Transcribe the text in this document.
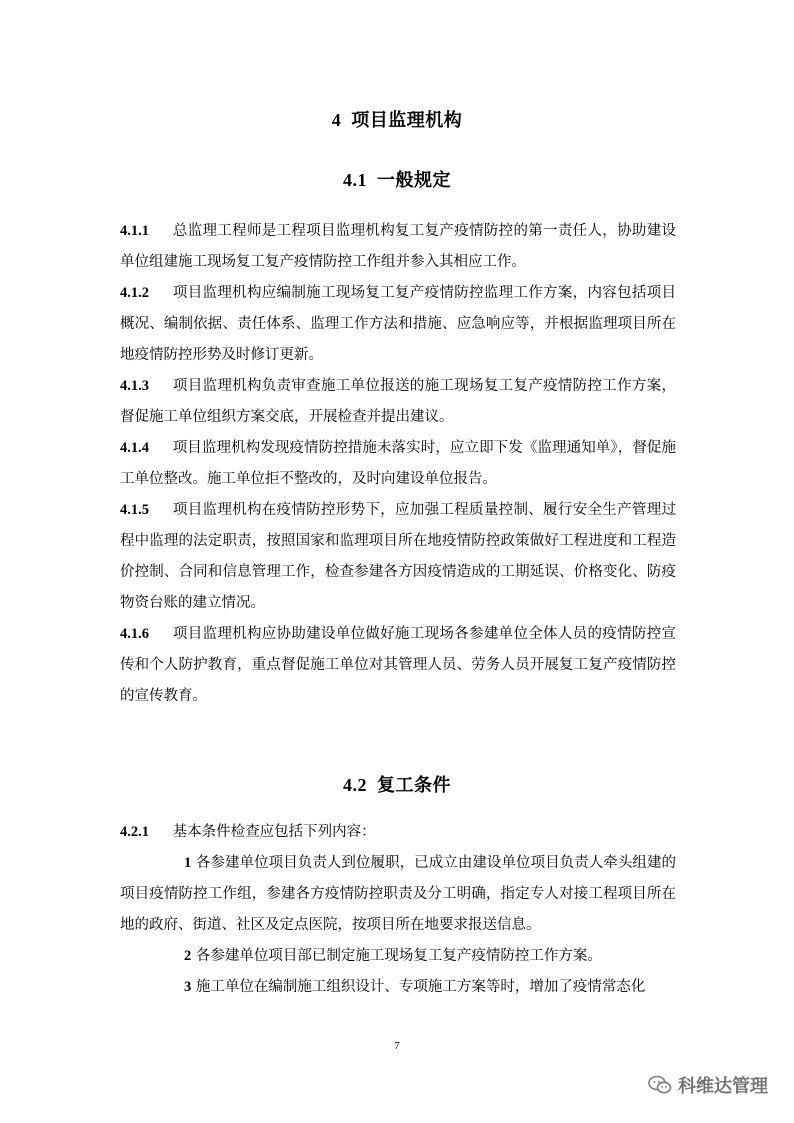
4 项目监理机构
4.1 一般规定

4.1.1 总监理工程师是工程项目监理机构复工复产疫情防控的第一责任人，协助建设单位组建施工现场复工复产疫情防控工作组并参入其相应工作。

4.1.2 项目监理机构应编制施工现场复工复产疫情防控监理工作方案，内容包括项目概况、编制依据、责任体系、监理工作方法和措施、应急响应等，并根据监理项目所在地疫情防控形势及时修订更新。

4.1.3 项目监理机构负责审查施工单位报送的施工现场复工复产疫情防控工作方案，督促施工单位组织方案交底，开展检查并提出建议。

4.1.4 项目监理机构发现疫情防控措施未落实时，应立即下发《监理通知单》，督促施工单位整改。施工单位拒不整改的，及时向建设单位报告。

4.1.5 项目监理机构在疫情防控形势下，应加强工程质量控制、履行安全生产管理过程中监理的法定职责，按照国家和监理项目所在地疫情防控政策做好工程进度和工程造价控制、合同和信息管理工作，检查参建各方因疫情造成的工期延误、价格变化、防疫物资台账的建立情况。

4.1.6 项目监理机构应协助建设单位做好施工现场各参建单位全体人员的疫情防控宣传和个人防护教育，重点督促施工单位对其管理人员、劳务人员开展复工复产疫情防控的宣传教育。

4.2 复工条件

4.2.1 基本条件检查应包括下列内容：

1 各参建单位项目负责人到位履职，已成立由建设单位项目负责人牵头组建的项目疫情防控工作组，参建各方疫情防控职责及分工明确，指定专人对接工程项目所在地的政府、街道、社区及定点医院，按项目所在地要求报送信息。

2 各参建单位项目部已制定施工现场复工复产疫情防控工作方案。

3 施工单位在编制施工组织设计、专项施工方案等时，增加了疫情常态化

7
科维达管理
